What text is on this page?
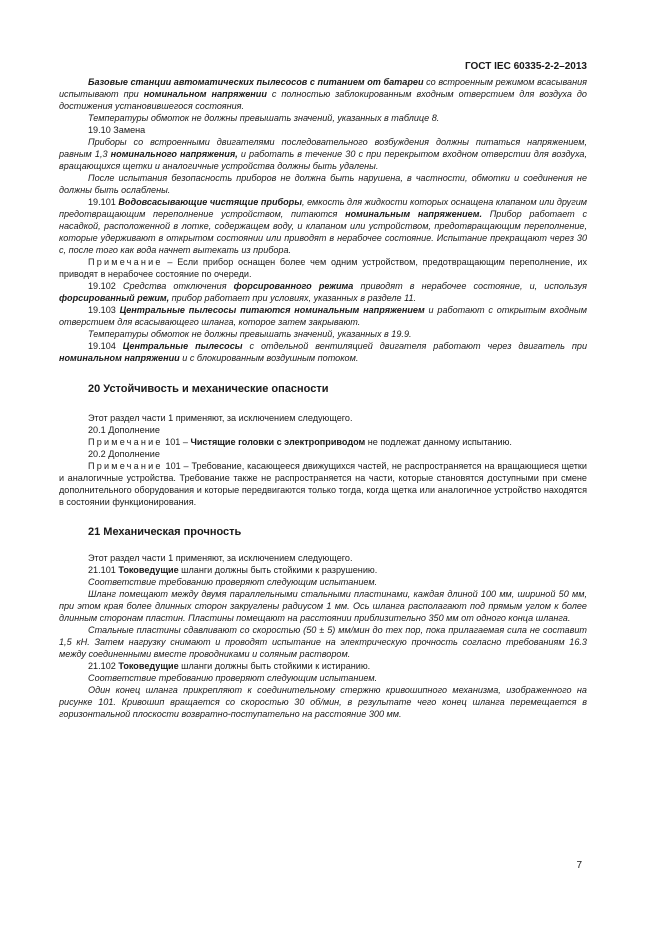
ГОСТ IEC 60335-2-2–2013

Базовые станции автоматических пылесосов с питанием от батареи со встроенным режимом всасывания испытывают при номинальном напряжении с полностью заблокированным входным отверстием для воздуха до достижения установившегося состояния.

Температуры обмоток не должны превышать значений, указанных в таблице 8.

19.10 Замена

Приборы со встроенными двигателями последовательного возбуждения должны питаться напряжением, равным 1,3 номинального напряжения, и работать в течение 30 с при перекрытом входном отверстии для воздуха, вращающихся щетки и аналогичные устройства должны быть удалены.

После испытания безопасность приборов не должна быть нарушена, в частности, обмотки и соединения не должны быть ослаблены.

19.101 Водовсасывающие чистящие приборы, емкость для жидкости которых оснащена клапаном или другим предотвращающим переполнение устройством, питаются номинальным напряжением. Прибор работает с насадкой, расположенной в лотке, содержащем воду, и клапаном или устройством, предотвращающим переполнение, которые удерживают в открытом состоянии или приводят в нерабочее состояние. Испытание прекращают через 30 с, после того как вода начнет вытекать из прибора.

Примечание – Если прибор оснащен более чем одним устройством, предотвращающим переполнение, их приводят в нерабочее состояние по очереди.

19.102 Средства отключения форсированного режима приводят в нерабочее состояние, и, используя форсированный режим, прибор работает при условиях, указанных в разделе 11.

19.103 Центральные пылесосы питаются номинальным напряжением и работают с открытым входным отверстием для всасывающего шланга, которое затем закрывают.

Температуры обмоток не должны превышать значений, указанных в 19.9.

19.104 Центральные пылесосы с отдельной вентиляцией двигателя работают через двигатель при номинальном напряжении и с блокированным воздушным потоком.

20 Устойчивость и механические опасности

Этот раздел части 1 применяют, за исключением следующего.

20.1 Дополнение

Примечание 101 – Чистящие головки с электроприводом не подлежат данному испытанию.

20.2 Дополнение

Примечание 101 – Требование, касающееся движущихся частей, не распространяется на вращающиеся щетки и аналогичные устройства. Требование также не распространяется на части, которые становятся доступными при смене дополнительного оборудования и которые передвигаются только тогда, когда щетка или аналогичное устройство находятся в состоянии функционирования.

21 Механическая прочность

Этот раздел части 1 применяют, за исключением следующего.

21.101 Токоведущие шланги должны быть стойкими к разрушению.

Соответствие требованию проверяют следующим испытанием.

Шланг помещают между двумя параллельными стальными пластинами, каждая длиной 100 мм, шириной 50 мм, при этом края более длинных сторон закруглены радиусом 1 мм. Ось шланга располагают под прямым углом к более длинным сторонам пластин. Пластины помещают на расстоянии приблизительно 350 мм от одного конца шланга.

Стальные пластины сдавливают со скоростью (50 ± 5) мм/мин до тех пор, пока прилагаемая сила не составит 1,5 кН. Затем нагрузку снимают и проводят испытание на электрическую прочность согласно требованиям 16.3 между соединенными вместе проводниками и соляным раствором.

21.102 Токоведущие шланги должны быть стойкими к истиранию.

Соответствие требованию проверяют следующим испытанием.

Один конец шланга прикрепляют к соединительному стержню кривошипного механизма, изображенного на рисунке 101. Кривошип вращается со скоростью 30 об/мин, в результате чего конец шланга перемещается в горизонтальной плоскости возвратно-поступательно на расстояние 300 мм.

7
